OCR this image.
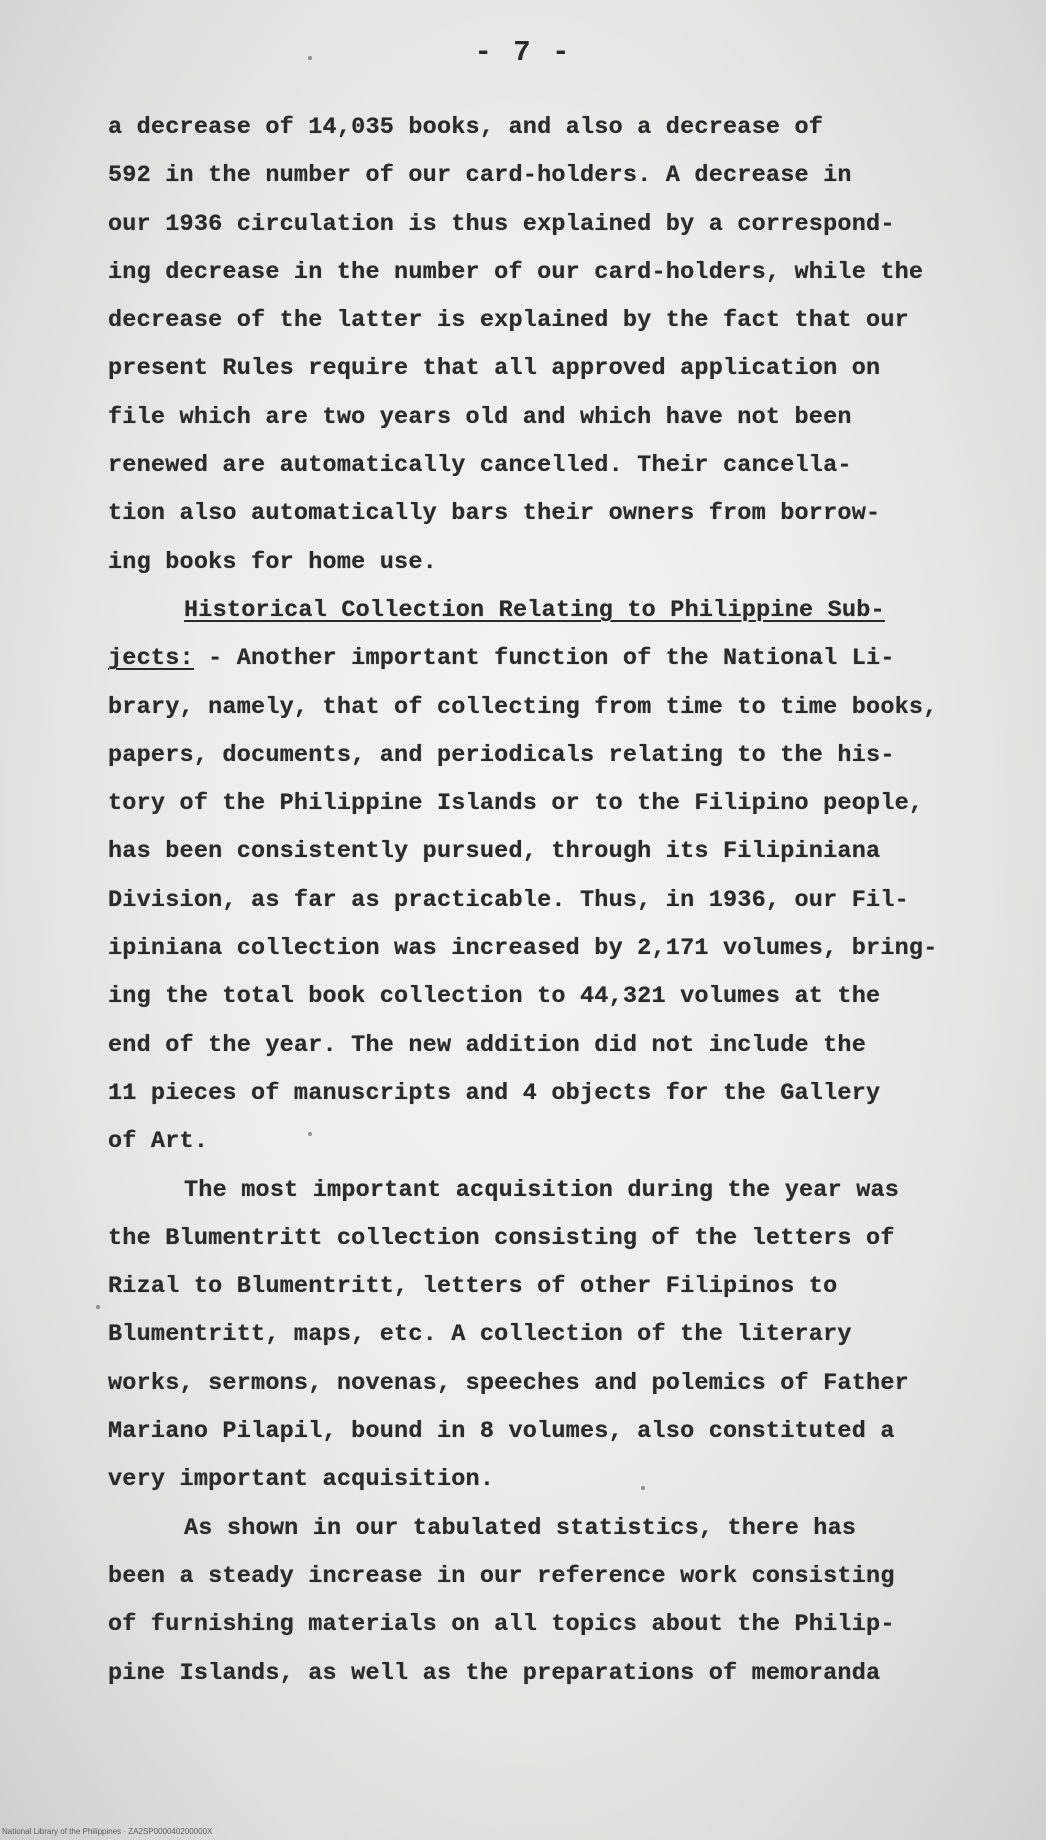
- 7 -
a decrease of 14,035 books, and also a decrease of
592 in the number of our card-holders. A decrease in
our 1936 circulation is thus explained by a correspond-
ing decrease in the number of our card-holders, while the
decrease of the latter is explained by the fact that our
present Rules require that all approved application on
file which are two years old and which have not been
renewed are automatically cancelled. Their cancella-
tion also automatically bars their owners from borrow-
ing books for home use.
Historical Collection Relating to Philippine Sub-
jects: - Another important function of the National Li-
brary, namely, that of collecting from time to time books,
papers, documents, and periodicals relating to the his-
tory of the Philippine Islands or to the Filipino people,
has been consistently pursued, through its Filipiniana
Division, as far as practicable. Thus, in 1936, our Fil-
ipiniana collection was increased by 2,171 volumes, bring-
ing the total book collection to 44,321 volumes at the
end of the year. The new addition did not include the
11 pieces of manuscripts and 4 objects for the Gallery
of Art.
The most important acquisition during the year was
the Blumentritt collection consisting of the letters of
Rizal to Blumentritt, letters of other Filipinos to
Blumentritt, maps, etc. A collection of the literary
works, sermons, novenas, speeches and polemics of Father
Mariano Pilapil, bound in 8 volumes, also constituted a
very important acquisition.
As shown in our tabulated statistics, there has
been a steady increase in our reference work consisting
of furnishing materials on all topics about the Philip-
pine Islands, as well as the preparations of memoranda
National Library of the Philippines · ZA2SP000040200000X
